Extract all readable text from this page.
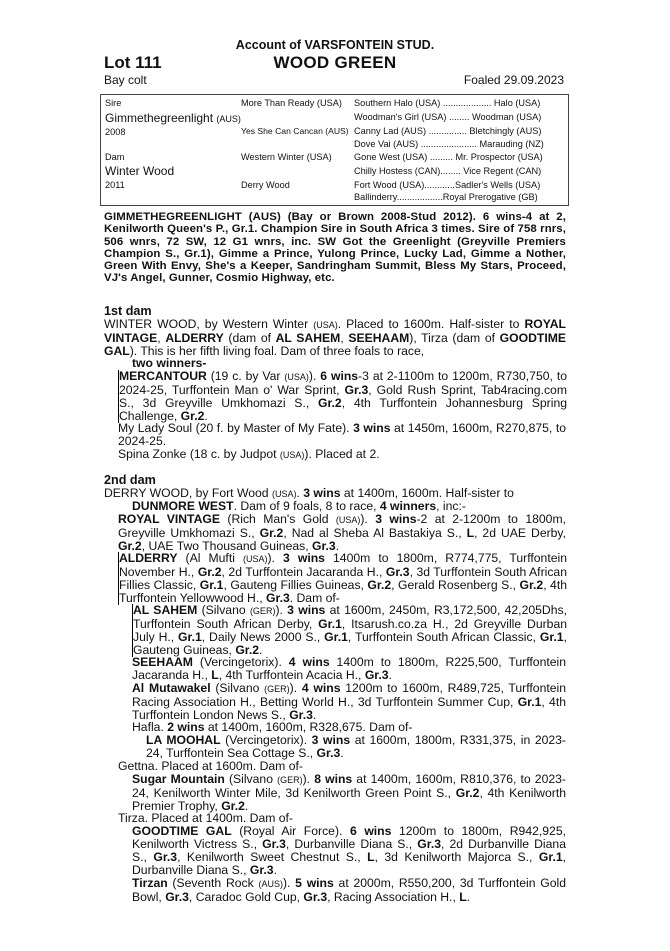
Account of VARSFONTEIN STUD.
Lot 111	WOOD GREEN
Bay colt	Foaled 29.09.2023
Sire
Gimmethegreenlight (AUS)
2008
Dam
Winter Wood
2011
More Than Ready (USA)
Yes She Can Cancan (AUS)
Western Winter (USA)
Derry Wood
Southern Halo (USA) ................... Halo (USA)
Woodman's Girl (USA) ........ Woodman (USA)
Canny Lad (AUS) ............... Bletchingly (AUS)
Dove Vai (AUS) ...................... Marauding (NZ)
Gone West (USA) ......... Mr. Prospector (USA)
Chilly Hostess (CAN)........ Vice Regent (CAN)
Fort Wood (USA)............Sadler's Wells (USA)
Ballinderry..................Royal Prerogative (GB)
GIMMETHEGREENLIGHT (AUS) (Bay or Brown 2008-Stud 2012). 6 wins-4 at 2, Kenilworth Queen's P., Gr.1. Champion Sire in South Africa 3 times. Sire of 758 rnrs, 506 wnrs, 72 SW, 12 G1 wnrs, inc. SW Got the Greenlight (Greyville Premiers Champion S., Gr.1), Gimme a Prince, Yulong Prince, Lucky Lad, Gimme a Nother, Green With Envy, She's a Keeper, Sandringham Summit, Bless My Stars, Proceed, VJ's Angel, Gunner, Cosmio Highway, etc.
1st dam
WINTER WOOD, by Western Winter (USA). Placed to 1600m. Half-sister to ROYAL VINTAGE, ALDERRY (dam of AL SAHEM, SEEHAAM), Tirza (dam of GOODTIME GAL). This is her fifth living foal. Dam of three foals to race,
two winners-
MERCANTOUR (19 c. by Var (USA)). 6 wins-3 at 2-1100m to 1200m, R730,750, to 2024-25, Turffontein Man o' War Sprint, Gr.3, Gold Rush Sprint, Tab4racing.com S., 3d Greyville Umkhomazi S., Gr.2, 4th Turffontein Johannesburg Spring Challenge, Gr.2.
My Lady Soul (20 f. by Master of My Fate). 3 wins at 1450m, 1600m, R270,875, to 2024-25.
Spina Zonke (18 c. by Judpot (USA)). Placed at 2.
2nd dam
DERRY WOOD, by Fort Wood (USA). 3 wins at 1400m, 1600m. Half-sister to
DUNMORE WEST. Dam of 9 foals, 8 to race, 4 winners, inc:-
ROYAL VINTAGE (Rich Man's Gold (USA)). 3 wins-2 at 2-1200m to 1800m, Greyville Umkhomazi S., Gr.2, Nad al Sheba Al Bastakiya S., L, 2d UAE Derby, Gr.2, UAE Two Thousand Guineas, Gr.3.
ALDERRY (Al Mufti (USA)). 3 wins 1400m to 1800m, R774,775, Turffontein November H., Gr.2, 2d Turffontein Jacaranda H., Gr.3, 3d Turffontein South African Fillies Classic, Gr.1, Gauteng Fillies Guineas, Gr.2, Gerald Rosenberg S., Gr.2, 4th Turffontein Yellowwood H., Gr.3. Dam of-
AL SAHEM (Silvano (GER)). 3 wins at 1600m, 2450m, R3,172,500, 42,205Dhs, Turffontein South African Derby, Gr.1, Itsarush.co.za H., 2d Greyville Durban July H., Gr.1, Daily News 2000 S., Gr.1, Turffontein South African Classic, Gr.1, Gauteng Guineas, Gr.2.
SEEHAAM (Vercingetorix). 4 wins 1400m to 1800m, R225,500, Turffontein Jacaranda H., L, 4th Turffontein Acacia H., Gr.3.
Al Mutawakel (Silvano (GER)). 4 wins 1200m to 1600m, R489,725, Turffontein Racing Association H., Betting World H., 3d Turffontein Summer Cup, Gr.1, 4th Turffontein London News S., Gr.3.
Hafla. 2 wins at 1400m, 1600m, R328,675. Dam of-
LA MOOHAL (Vercingetorix). 3 wins at 1600m, 1800m, R331,375, in 2023-24, Turffontein Sea Cottage S., Gr.3.
Gettna. Placed at 1600m. Dam of-
Sugar Mountain (Silvano (GER)). 8 wins at 1400m, 1600m, R810,376, to 2023-24, Kenilworth Winter Mile, 3d Kenilworth Green Point S., Gr.2, 4th Kenilworth Premier Trophy, Gr.2.
Tirza. Placed at 1400m. Dam of-
GOODTIME GAL (Royal Air Force). 6 wins 1200m to 1800m, R942,925, Kenilworth Victress S., Gr.3, Durbanville Diana S., Gr.3, 2d Durbanville Diana S., Gr.3, Kenilworth Sweet Chestnut S., L, 3d Kenilworth Majorca S., Gr.1, Durbanville Diana S., Gr.3.
Tirzan (Seventh Rock (AUS)). 5 wins at 2000m, R550,200, 3d Turffontein Gold Bowl, Gr.3, Caradoc Gold Cup, Gr.3, Racing Association H., L.
